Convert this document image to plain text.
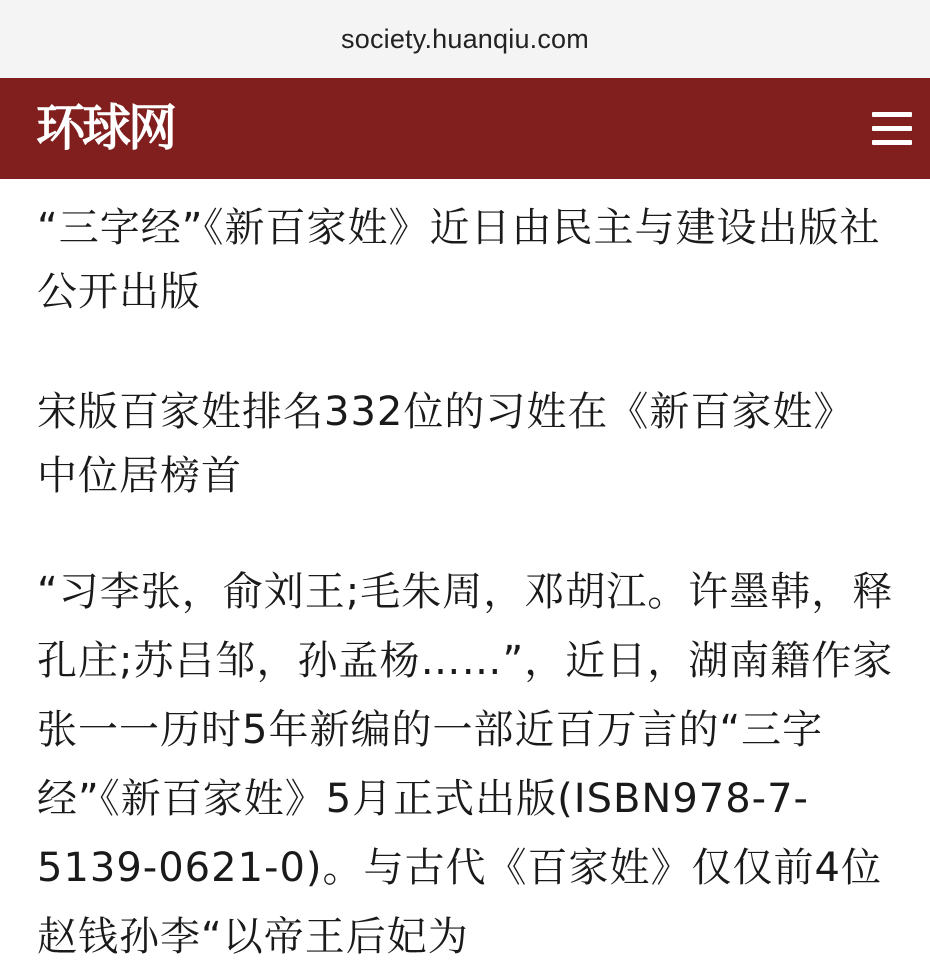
society.huanqiu.com
环球网
“三字经”《新百家姓》近日由民主与建设出版社公开出版
宋版百家姓排名332位的习姓在《新百家姓》中位居榜首

“习李张，俞刘王;毛朱周，邓胡江。许墨韩，释孔庄;苏吕邹，孙孟杨……”，近日，湖南籍作家张一一历时5年新编的一部近百万言的“三字经”《新百家姓》5月正式出版(ISBN978-7-5139-0621-0)。与古代《百家姓》仅仅前4位赵钱孙李“以帝王后妃为
